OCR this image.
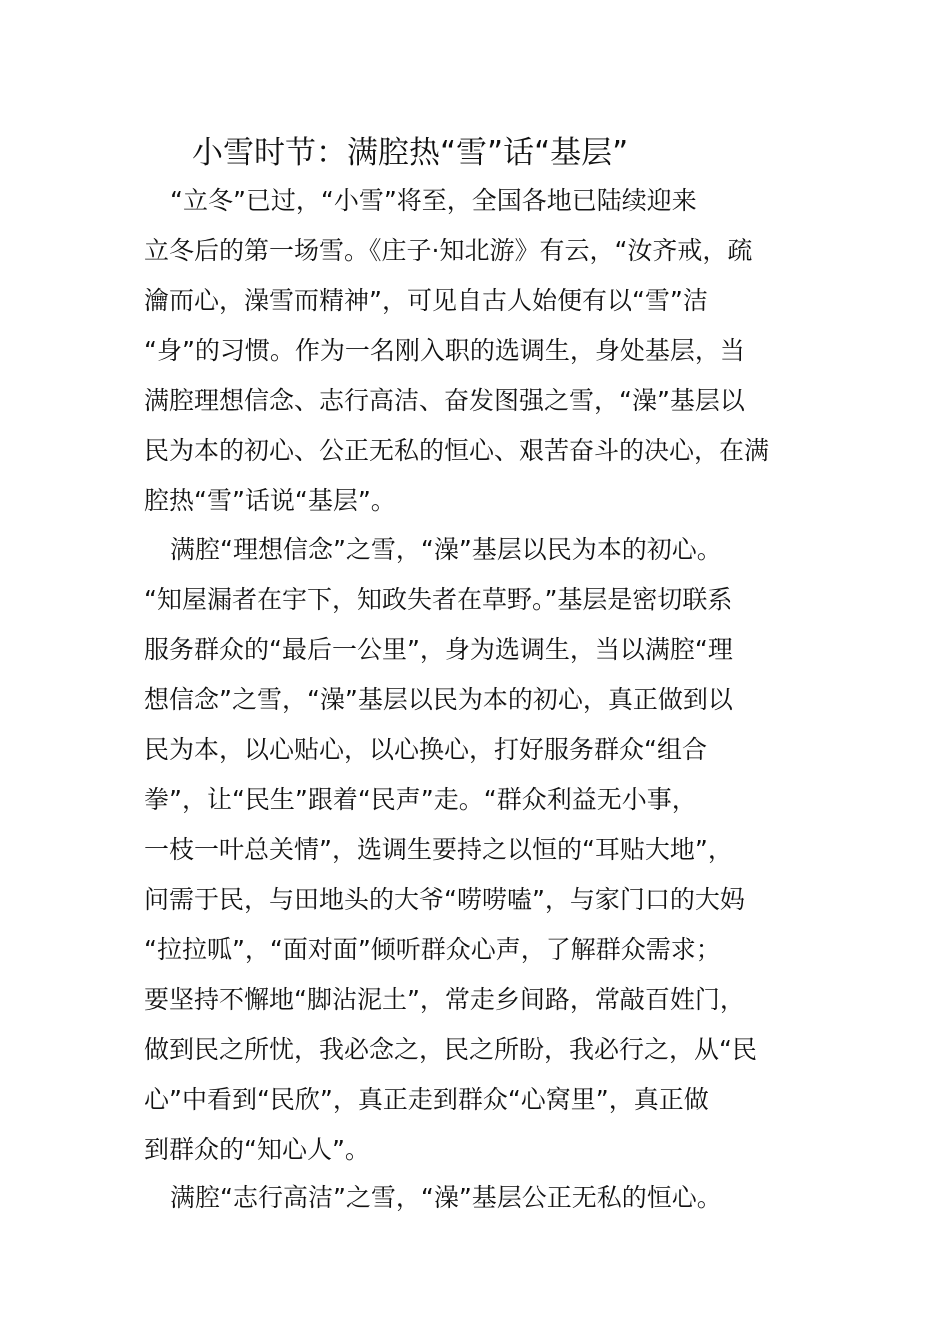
小雪时节：满腔热“雪”话“基层”

“立冬”已过，“小雪”将至，全国各地已陆续迎来

立冬后的第一场雪。《庄子·知北游》有云，“汝齐戒，疏

瀹而心，澡雪而精神”，可见自古人始便有以“雪”洁

“身”的习惯。作为一名刚入职的选调生，身处基层，当

满腔理想信念、志行高洁、奋发图强之雪，“澡”基层以

民为本的初心、公正无私的恒心、艰苦奋斗的决心，在满

腔热“雪”话说“基层”。

满腔“理想信念”之雪，“澡”基层以民为本的初心。

“知屋漏者在宇下，知政失者在草野。”基层是密切联系

服务群众的“最后一公里”，身为选调生，当以满腔“理

想信念”之雪，“澡”基层以民为本的初心，真正做到以

民为本，以心贴心，以心换心，打好服务群众“组合

拳”，让“民生”跟着“民声”走。“群众利益无小事，

一枝一叶总关情”，选调生要持之以恒的“耳贴大地”，

问需于民，与田地头的大爷“唠唠嗑”，与家门口的大妈

“拉拉呱”，“面对面”倾听群众心声，了解群众需求；

要坚持不懈地“脚沾泥土”，常走乡间路，常敲百姓门，

做到民之所忧，我必念之，民之所盼，我必行之，从“民

心”中看到“民欣”，真正走到群众“心窝里”，真正做

到群众的“知心人”。

满腔“志行高洁”之雪，“澡”基层公正无私的恒心。
